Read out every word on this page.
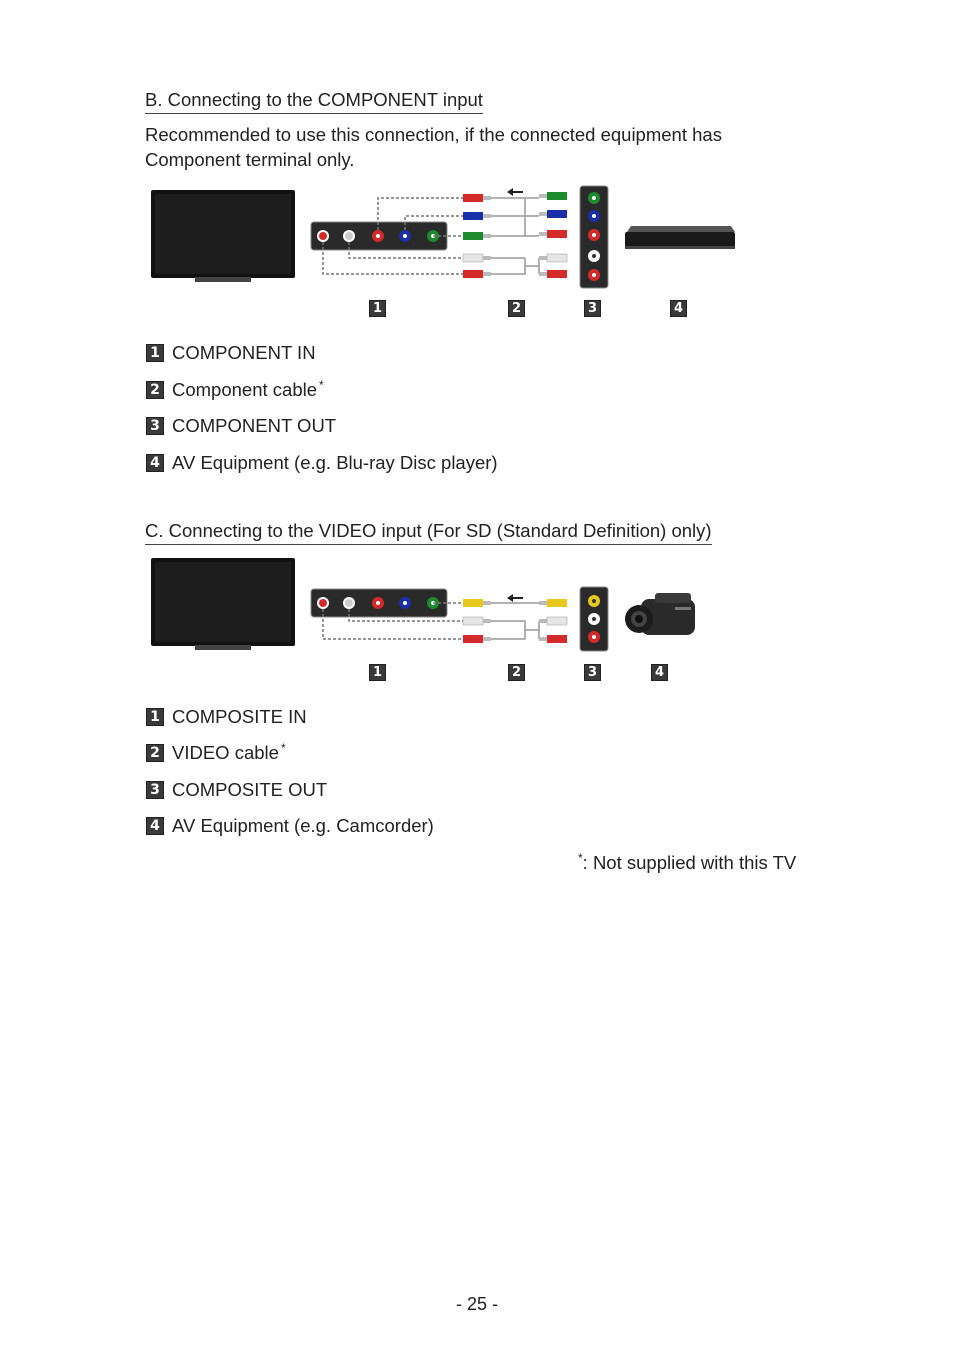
B. Connecting to the COMPONENT input
Recommended to use this connection, if the connected equipment has Component terminal only.
1	2	3	4
1 COMPONENT IN
2 Component cable *
3 COMPONENT OUT
4 AV Equipment (e.g. Blu-ray Disc player)
C. Connecting to the VIDEO input (For SD (Standard Definition) only)
1	2	3	4
1 COMPOSITE IN
2 VIDEO cable *
3 COMPOSITE OUT
4 AV Equipment (e.g. Camcorder)
*: Not supplied with this TV
- 25 -
